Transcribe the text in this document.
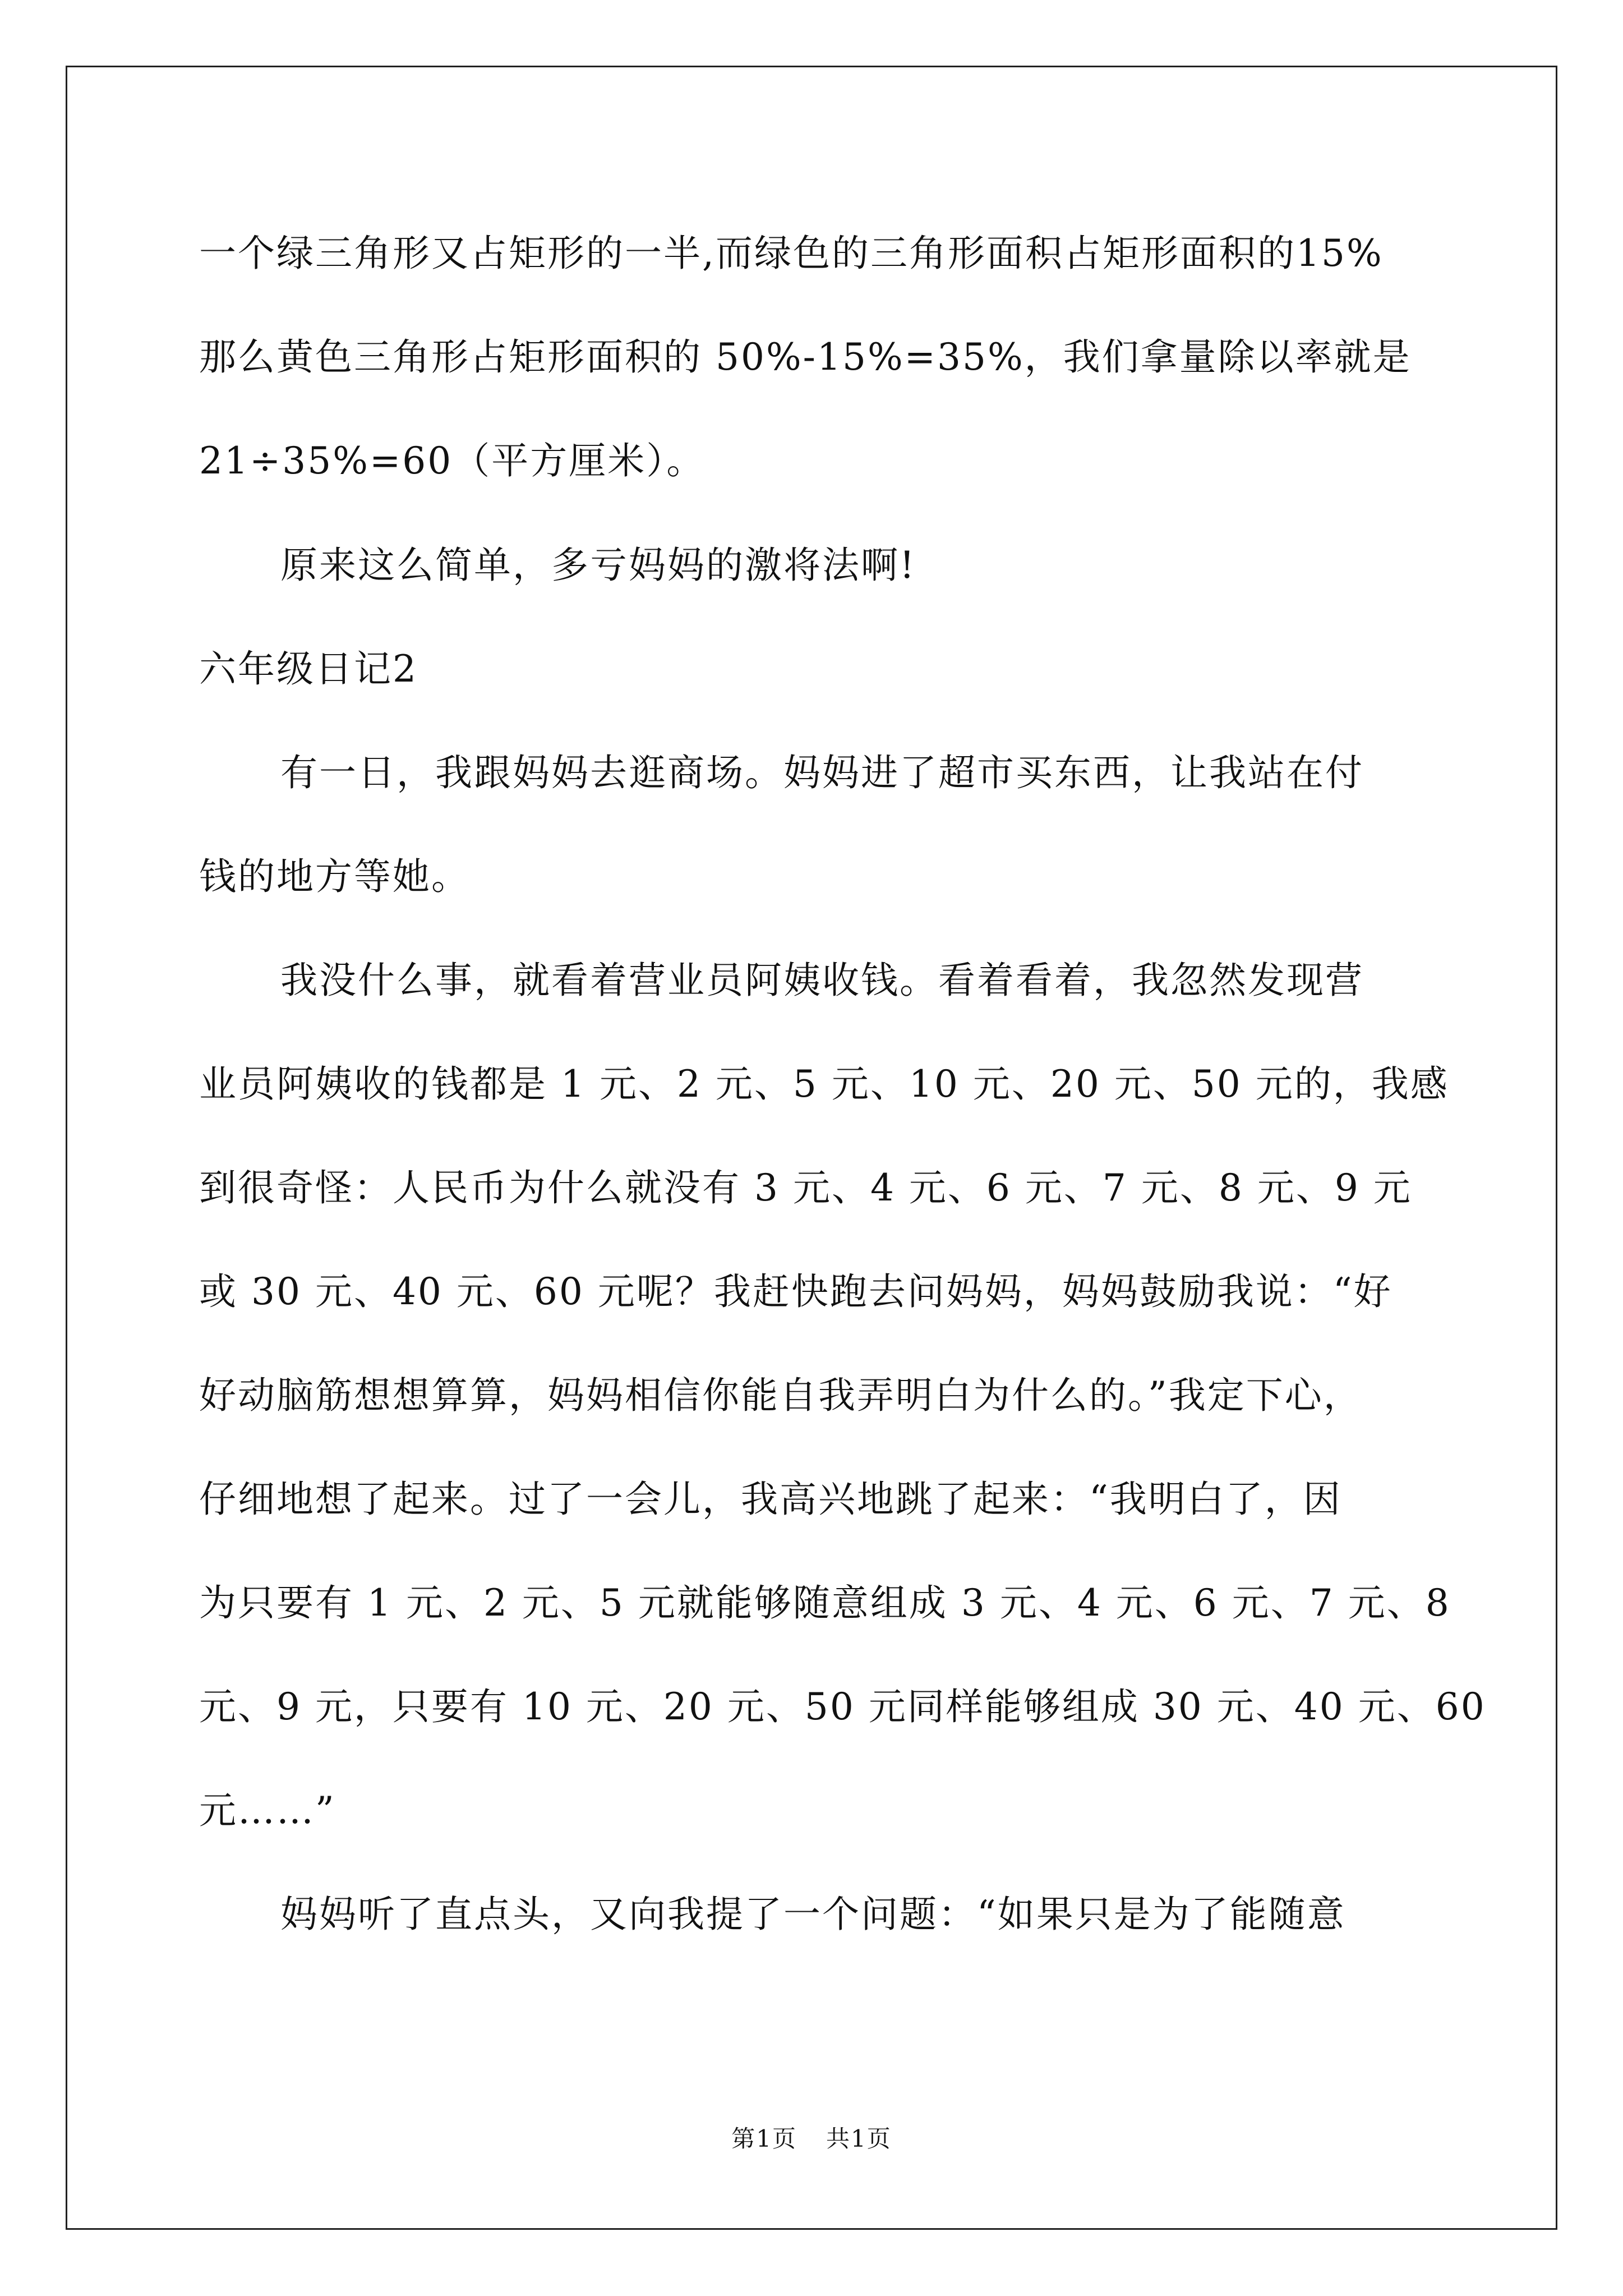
一个绿三角形又占矩形的一半,而绿色的三角形面积占矩形面积的15%
那么黄色三角形占矩形面积的 50%-15%=35%，我们拿量除以率就是
21÷35%=60（平方厘米）。
原来这么简单，多亏妈妈的激将法啊!
六年级日记2
有一日，我跟妈妈去逛商场。妈妈进了超市买东西，让我站在付
钱的地方等她。
我没什么事，就看着营业员阿姨收钱。看着看着，我忽然发现营
业员阿姨收的钱都是 1 元、2 元、5 元、10 元、20 元、50 元的，我感
到很奇怪：人民币为什么就没有 3 元、4 元、6 元、7 元、8 元、9 元
或 30 元、40 元、60 元呢？我赶快跑去问妈妈，妈妈鼓励我说：“好
好动脑筋想想算算，妈妈相信你能自我弄明白为什么的。”我定下心，
仔细地想了起来。过了一会儿，我高兴地跳了起来：“我明白了，因
为只要有 1 元、2 元、5 元就能够随意组成 3 元、4 元、6 元、7 元、8
元、9 元，只要有 10 元、20 元、50 元同样能够组成 30 元、40 元、60
元……”
妈妈听了直点头，又向我提了一个问题：“如果只是为了能随意
第1页 共1页
